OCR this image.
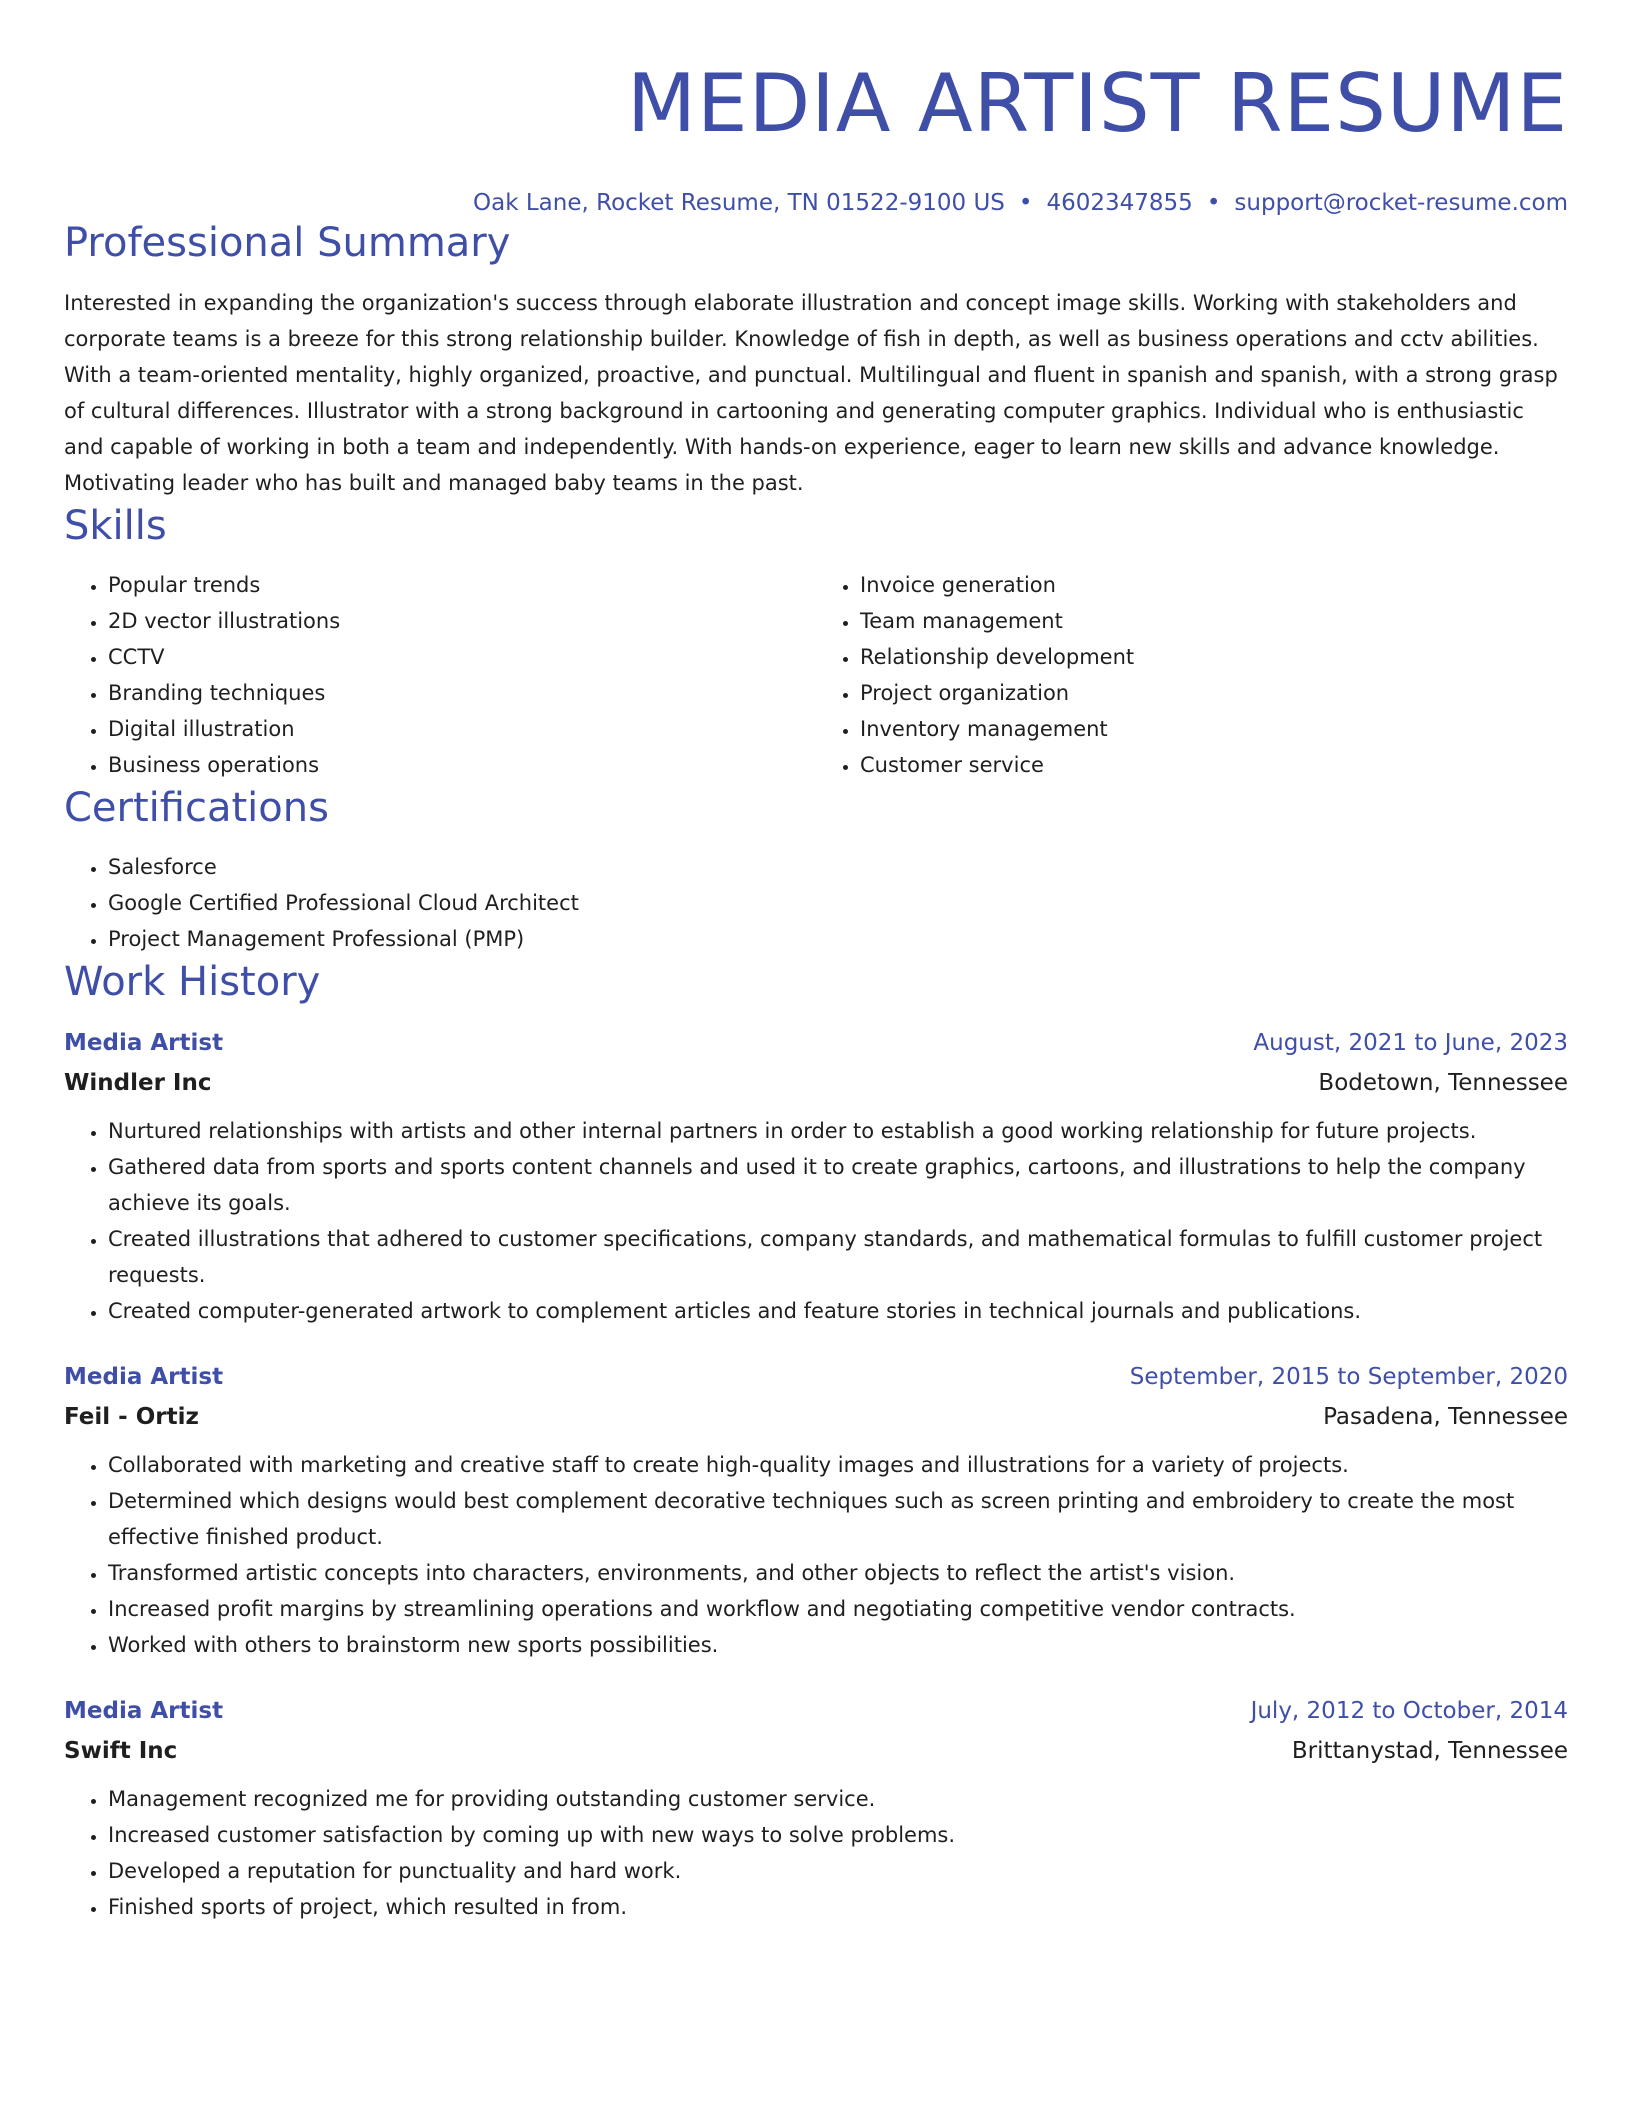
MEDIA ARTIST RESUME
Oak Lane, Rocket Resume, TN 01522-9100 US • 4602347855 • support@rocket-resume.com
Professional Summary

Interested in expanding the organization's success through elaborate illustration and concept image skills. Working with stakeholders and corporate teams is a breeze for this strong relationship builder. Knowledge of fish in depth, as well as business operations and cctv abilities. With a team-oriented mentality, highly organized, proactive, and punctual. Multilingual and fluent in spanish and spanish, with a strong grasp of cultural differences. Illustrator with a strong background in cartooning and generating computer graphics. Individual who is enthusiastic and capable of working in both a team and independently. With hands-on experience, eager to learn new skills and advance knowledge. Motivating leader who has built and managed baby teams in the past.

Skills
• Popular trends
• 2D vector illustrations
• CCTV
• Branding techniques
• Digital illustration
• Business operations
• Invoice generation
• Team management
• Relationship development
• Project organization
• Inventory management
• Customer service
Certifications
• Salesforce
• Google Certified Professional Cloud Architect
• Project Management Professional (PMP)
Work History
Media Artist	August, 2021 to June, 2023
Windler Inc	Bodetown, Tennessee
• Nurtured relationships with artists and other internal partners in order to establish a good working relationship for future projects.
• Gathered data from sports and sports content channels and used it to create graphics, cartoons, and illustrations to help the company achieve its goals.
• Created illustrations that adhered to customer specifications, company standards, and mathematical formulas to fulfill customer project requests.
• Created computer-generated artwork to complement articles and feature stories in technical journals and publications.
Media Artist	September, 2015 to September, 2020
Feil - Ortiz	Pasadena, Tennessee
• Collaborated with marketing and creative staff to create high-quality images and illustrations for a variety of projects.
• Determined which designs would best complement decorative techniques such as screen printing and embroidery to create the most effective finished product.
• Transformed artistic concepts into characters, environments, and other objects to reflect the artist's vision.
• Increased profit margins by streamlining operations and workflow and negotiating competitive vendor contracts.
• Worked with others to brainstorm new sports possibilities.
Media Artist	July, 2012 to October, 2014
Swift Inc	Brittanystad, Tennessee
• Management recognized me for providing outstanding customer service.
• Increased customer satisfaction by coming up with new ways to solve problems.
• Developed a reputation for punctuality and hard work.
• Finished sports of project, which resulted in from.
